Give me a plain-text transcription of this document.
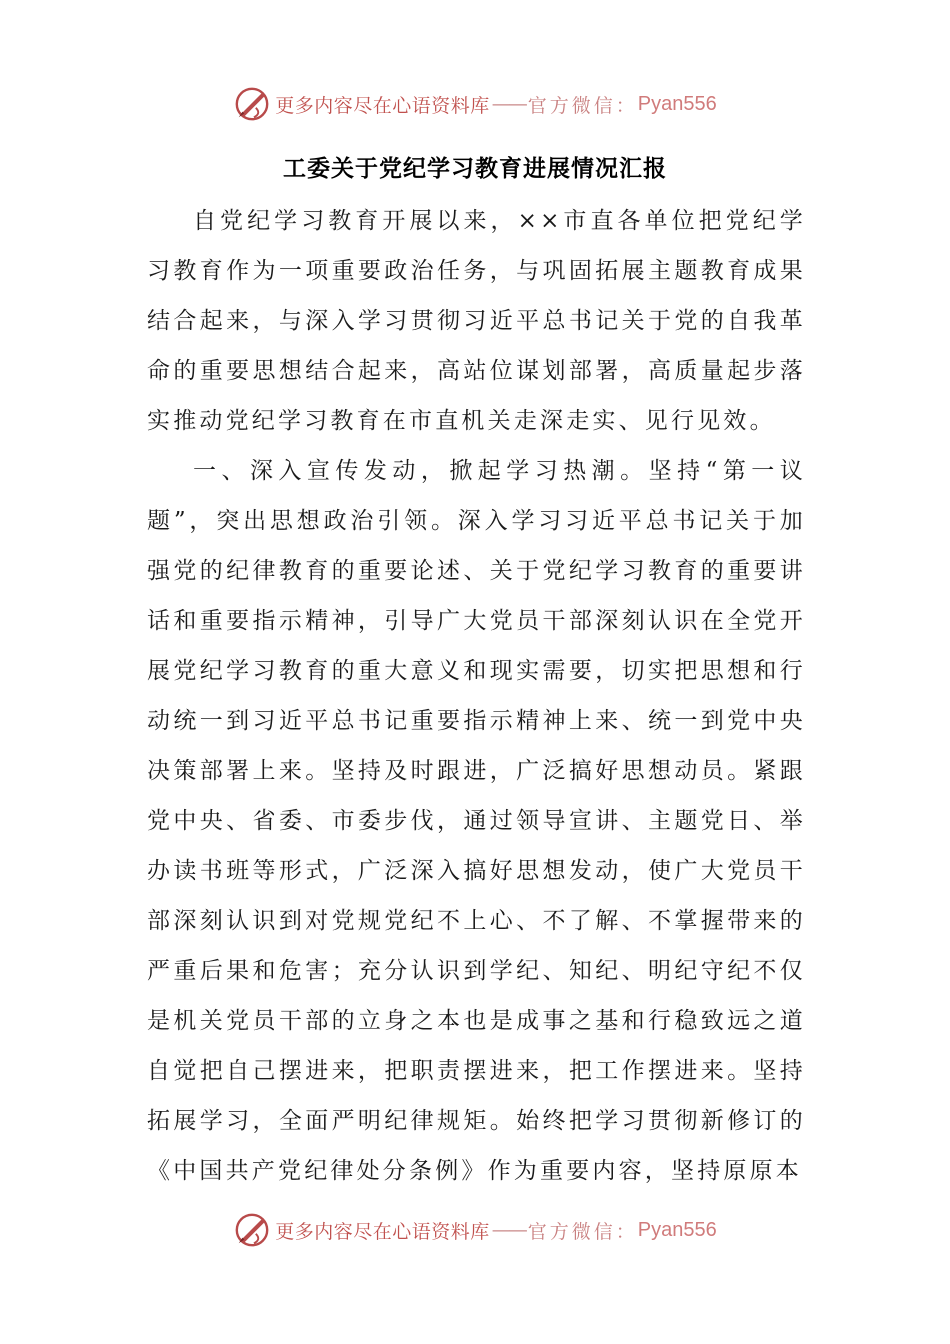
更多内容尽在心语资料库 —— 官方微信： Pyan556
工委关于党纪学习教育进展情况汇报

自党纪学习教育开展以来，××市直各单位把党纪学习教育作为一项重要政治任务，与巩固拓展主题教育成果结合起来，与深入学习贯彻习近平总书记关于党的自我革命的重要思想结合起来，高站位谋划部署，高质量起步落实推动党纪学习教育在市直机关走深走实、见行见效。

一、深入宣传发动，掀起学习热潮。坚持“第一议题”，突出思想政治引领。深入学习习近平总书记关于加强党的纪律教育的重要论述、关于党纪学习教育的重要讲话和重要指示精神，引导广大党员干部深刻认识在全党开展党纪学习教育的重大意义和现实需要，切实把思想和行动统一到习近平总书记重要指示精神上来、统一到党中央决策部署上来。坚持及时跟进，广泛搞好思想动员。紧跟党中央、省委、市委步伐，通过领导宣讲、主题党日、举办读书班等形式，广泛深入搞好思想发动，使广大党员干部深刻认识到对党规党纪不上心、不了解、不掌握带来的严重后果和危害；充分认识到学纪、知纪、明纪守纪不仅是机关党员干部的立身之本也是成事之基和行稳致远之道自觉把自己摆进来，把职责摆进来，把工作摆进来。坚持拓展学习，全面严明纪律规矩。始终把学习贯彻新修订的《中国共产党纪律处分条例》作为重要内容，坚持原原本

更多内容尽在心语资料库 —— 官方微信： Pyan556
